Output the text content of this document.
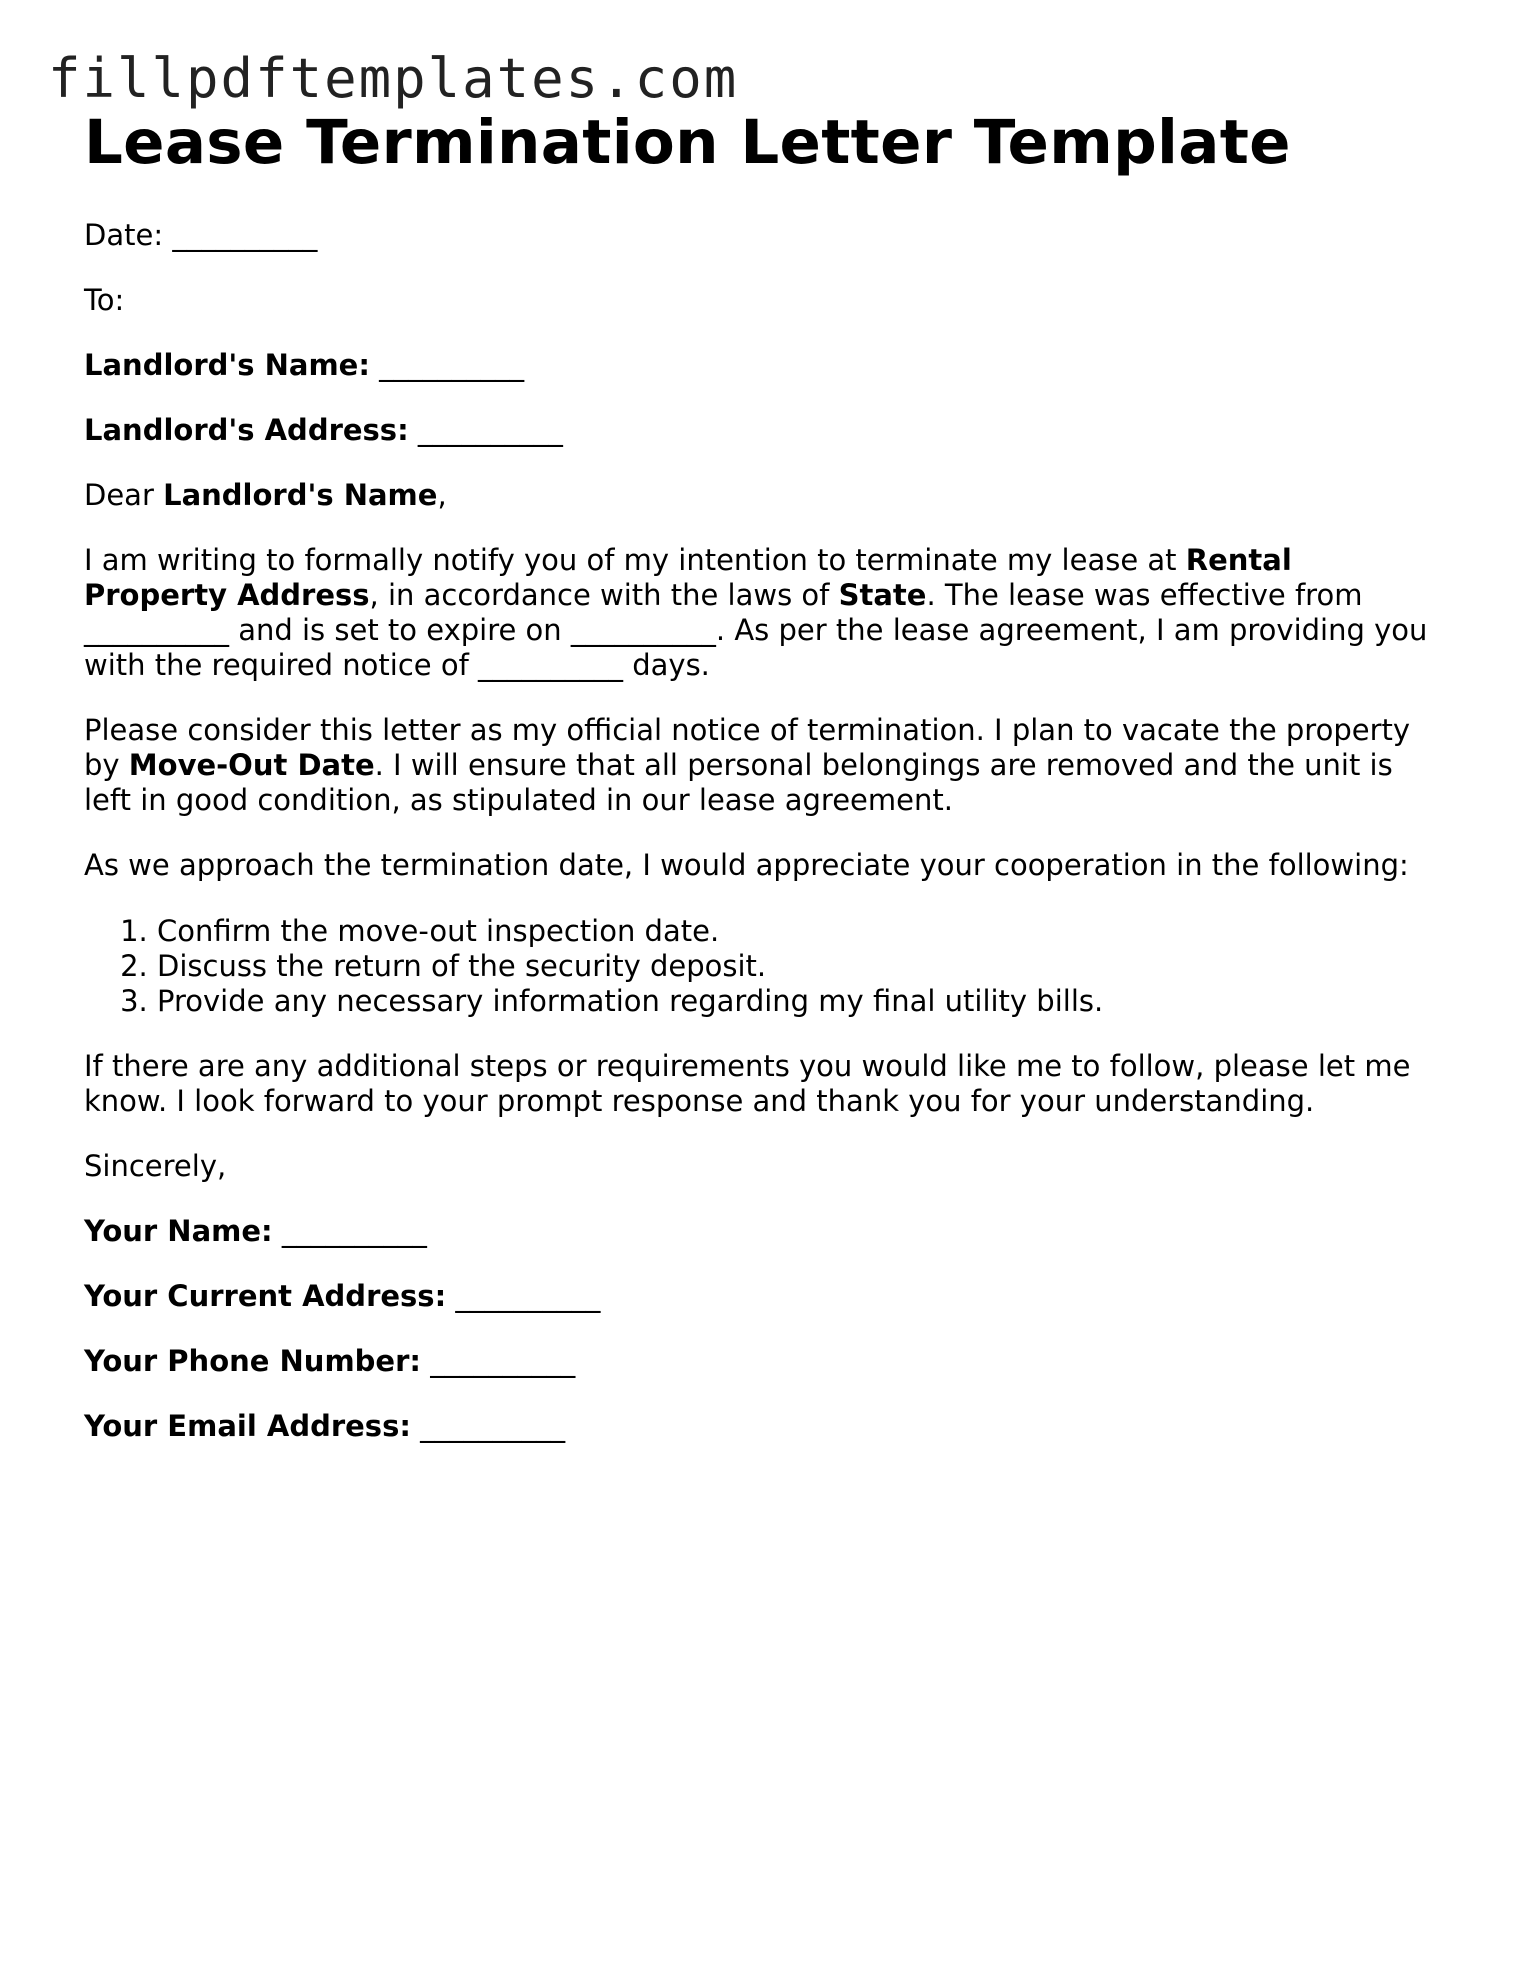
fillpdftemplates.com
Lease Termination Letter Template

Date: __________

To:

Landlord's Name: __________

Landlord's Address: __________

Dear Landlord's Name,

I am writing to formally notify you of my intention to terminate my lease at Rental Property Address, in accordance with the laws of State. The lease was effective from
__________ and is set to expire on __________. As per the lease agreement, I am providing you with the required notice of __________ days.

Please consider this letter as my official notice of termination. I plan to vacate the property by Move-Out Date. I will ensure that all personal belongings are removed and the unit is left in good condition, as stipulated in our lease agreement.

As we approach the termination date, I would appreciate your cooperation in the following:

1. Confirm the move-out inspection date.
2. Discuss the return of the security deposit.
3. Provide any necessary information regarding my final utility bills.

If there are any additional steps or requirements you would like me to follow, please let me know. I look forward to your prompt response and thank you for your understanding.

Sincerely,

Your Name: __________

Your Current Address: __________

Your Phone Number: __________

Your Email Address: __________
